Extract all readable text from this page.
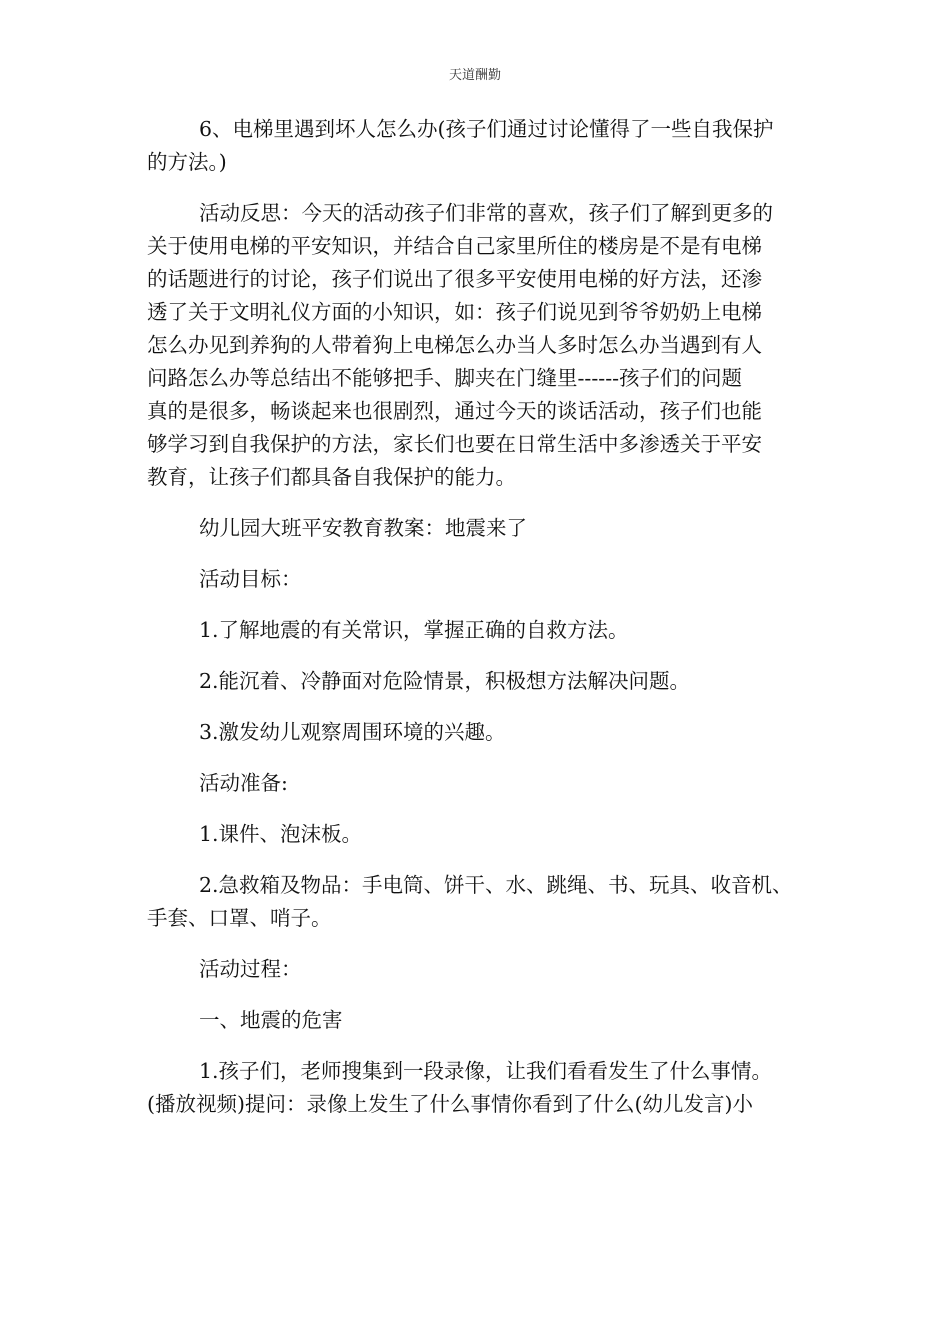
天道酬勤
6、电梯里遇到坏人怎么办(孩子们通过讨论懂得了一些自我保护
的方法。)
活动反思：今天的活动孩子们非常的喜欢，孩子们了解到更多的
关于使用电梯的平安知识，并结合自己家里所住的楼房是不是有电梯
的话题进行的讨论，孩子们说出了很多平安使用电梯的好方法，还渗
透了关于文明礼仪方面的小知识，如：孩子们说见到爷爷奶奶上电梯
怎么办见到养狗的人带着狗上电梯怎么办当人多时怎么办当遇到有人
问路怎么办等总结出不能够把手、脚夹在门缝里------孩子们的问题
真的是很多，畅谈起来也很剧烈，通过今天的谈话活动，孩子们也能
够学习到自我保护的方法，家长们也要在日常生活中多渗透关于平安
教育，让孩子们都具备自我保护的能力。
幼儿园大班平安教育教案：地震来了
活动目标：
1.了解地震的有关常识，掌握正确的自救方法。
2.能沉着、冷静面对危险情景，积极想方法解决问题。
3.激发幼儿观察周围环境的兴趣。
活动准备:
1.课件、泡沫板。
2.急救箱及物品：手电筒、饼干、水、跳绳、书、玩具、收音机、
手套、口罩、哨子。
活动过程：
一、地震的危害
1.孩子们，老师搜集到一段录像，让我们看看发生了什么事情。
(播放视频)提问：录像上发生了什么事情你看到了什么(幼儿发言)小
